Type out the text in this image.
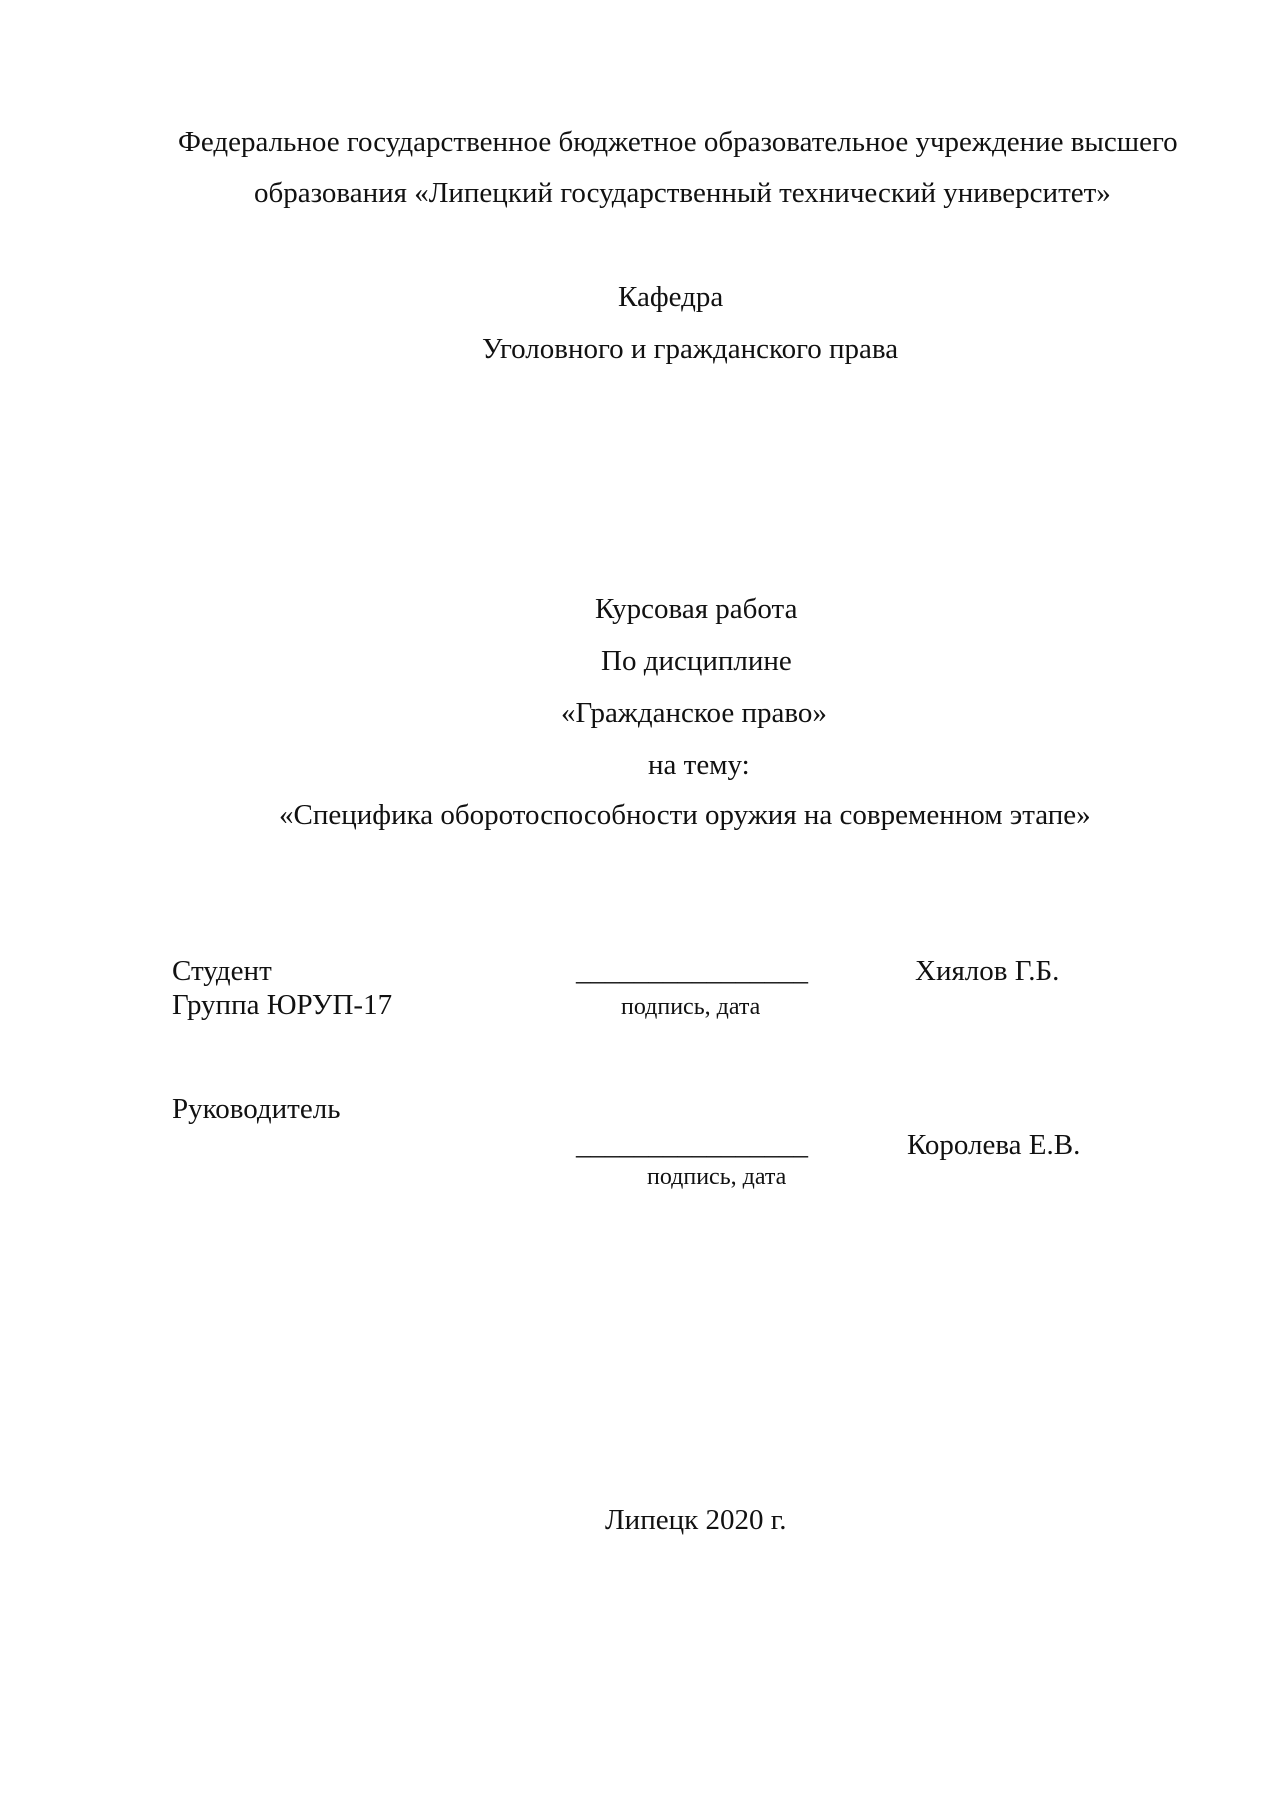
Федеральное государственное бюджетное образовательное учреждение высшего
образования «Липецкий государственный технический университет»
Кафедра
Уголовного и гражданского права
Курсовая работа
По дисциплине
«Гражданское право»
на тему:
«Специфика оборотоспособности оружия на современном этапе»
Студент	________________	Хиялов Г.Б.
Группа ЮРУП-17	подпись, дата
Руководитель
________________	Королева Е.В.
подпись, дата
Липецк 2020 г.
